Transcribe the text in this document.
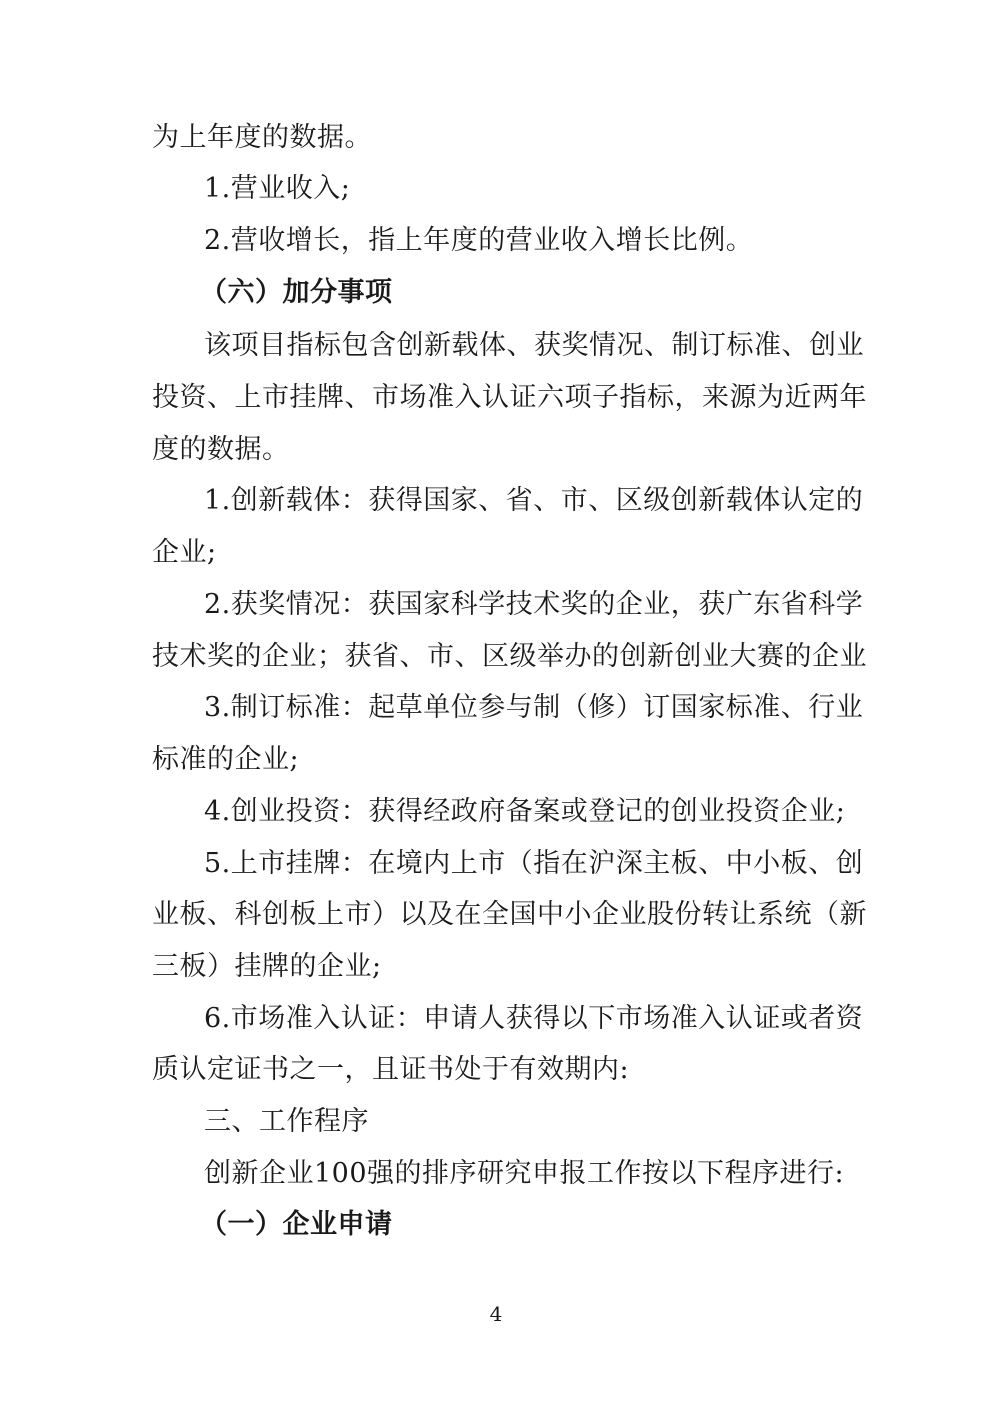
为上年度的数据。
1.营业收入;
2.营收增长，指上年度的营业收入增长比例。
（六）加分事项
该项目指标包含创新载体、获奖情况、制订标准、创业
投资、上市挂牌、市场准入认证六项子指标，来源为近两年
度的数据。
1.创新载体：获得国家、省、市、区级创新载体认定的
企业;
2.获奖情况：获国家科学技术奖的企业，获广东省科学
技术奖的企业；获省、市、区级举办的创新创业大赛的企业
3.制订标准：起草单位参与制（修）订国家标准、行业
标准的企业;
4.创业投资：获得经政府备案或登记的创业投资企业;
5.上市挂牌：在境内上市（指在沪深主板、中小板、创
业板、科创板上市）以及在全国中小企业股份转让系统（新
三板）挂牌的企业;
6.市场准入认证：申请人获得以下市场准入认证或者资
质认定证书之一，且证书处于有效期内:
三、工作程序
创新企业100强的排序研究申报工作按以下程序进行:
（一）企业申请
4
